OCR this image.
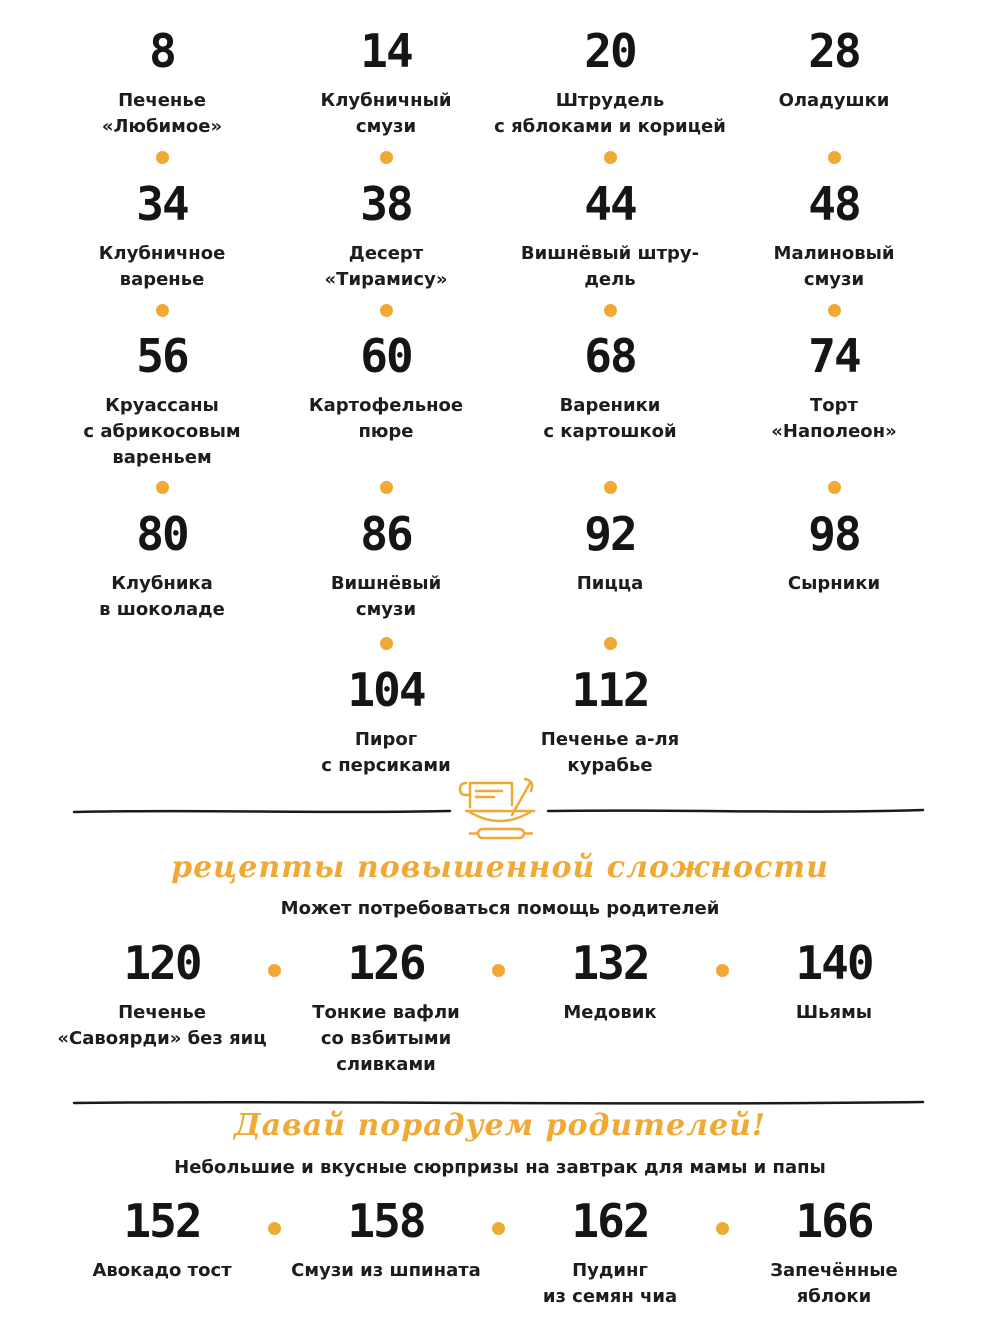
8
Печенье
«Любимое»
14
Клубничный
смузи
20
Штрудель
с яблоками и корицей
28
Оладушки
34
Клубничное
варенье
38
Десерт
«Тирамису»
44
Вишнёвый штру-
дель
48
Малиновый
смузи
56
Круассаны
с абрикосовым
вареньем
60
Картофельное
пюре
68
Вареники
с картошкой
74
Торт
«Наполеон»
80
Клубника
в шоколаде
86
Вишнёвый
смузи
92
Пицца
98
Сырники
104
Пирог
с персиками
112
Печенье а-ля
курабье
рецепты повышенной сложности
Может потребоваться помощь родителей
120
Печенье
«Савоярди» без яиц
126
Тонкие вафли
со взбитыми
сливками
132
Медовик
140
Шьямы
Давай порадуем родителей!
Небольшие и вкусные сюрпризы на завтрак для мамы и папы
152
Авокадо тост
158
Смузи из шпината
162
Пудинг
из семян чиа
166
Запечённые
яблоки
